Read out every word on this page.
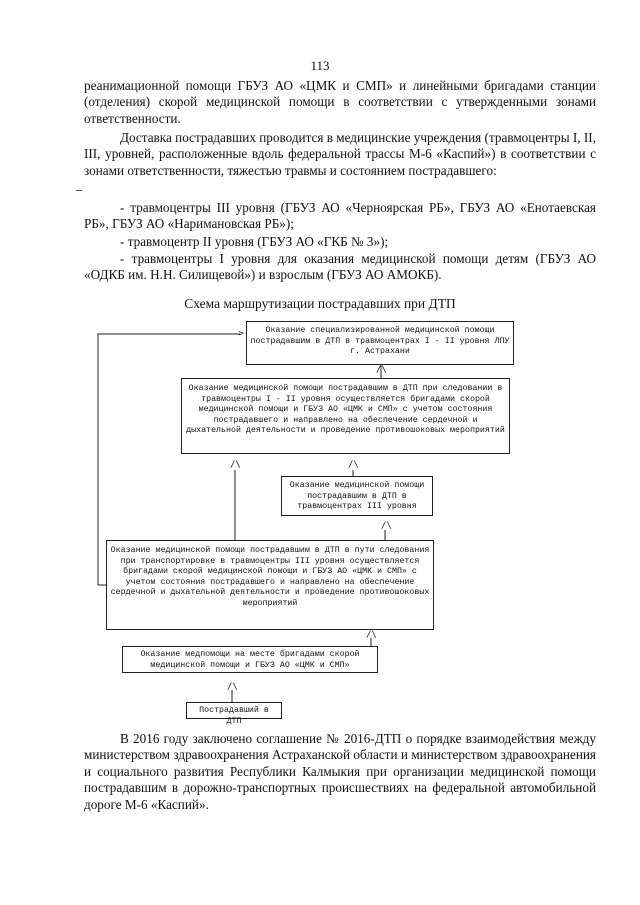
113

реанимационной помощи ГБУЗ АО «ЦМК и СМП» и линейными бригадами станции (отделения) скорой медицинской помощи в соответствии с утвержденными зонами ответственности.

Доставка пострадавших проводится в медицинские учреждения (травмоцентры I, II, III, уровней, расположенные вдоль федеральной трассы М-6 «Каспий») в соответствии с зонами ответственности, тяжестью травмы и состоянием пострадавшего:

- травмоцентры III уровня (ГБУЗ АО «Черноярская РБ», ГБУЗ АО «Енотаевская РБ», ГБУЗ АО «Наримановская РБ»);

- травмоцентр II уровня (ГБУЗ АО «ГКБ № 3»);

- травмоцентры I уровня для оказания медицинской помощи детям (ГБУЗ АО «ОДКБ им. Н.Н. Силищевой») и взрослым (ГБУЗ АО АМОКБ).

Схема маршрутизации пострадавших при ДТП
->
/\
/\	/\
/\
/\
/\
Оказание специализированной медицинской помощи пострадавшим в ДТП в травмоцентрах I - II уровня ЛПУ г. Астрахани
Оказание медицинской помощи пострадавшим в ДТП при следовании в травмоцентры I - II уровня осуществляется бригадами скорой медицинской помощи и ГБУЗ АО «ЦМК и СМП» с учетом состояния пострадавшего и направлено на обеспечение сердечной и дыхательной деятельности и проведение противошоковых мероприятий
Оказание медицинской помощи пострадавшим в ДТП в травмоцентрах III уровня
Оказание медицинской помощи пострадавшим в ДТП в пути следования при транспортировке в травмоцентры III уровня осуществляется бригадами скорой медицинской помощи и ГБУЗ АО «ЦМК и СМП» с учетом состояния пострадавшего и направлено на обеспечение сердечной и дыхательной деятельности и проведение противошоковых мероприятий
Оказание медпомощи на месте бригадами скорой медицинской помощи и ГБУЗ АО «ЦМК и СМП»
Пострадавший в ДТП

В 2016 году заключено соглашение № 2016-ДТП о порядке взаимодействия между министерством здравоохранения Астраханской области и министерством здравоохранения и социального развития Республики Калмыкия при организации медицинской помощи пострадавшим в дорожно-транспортных происшествиях на федеральной автомобильной дороге М-6 «Каспий».
